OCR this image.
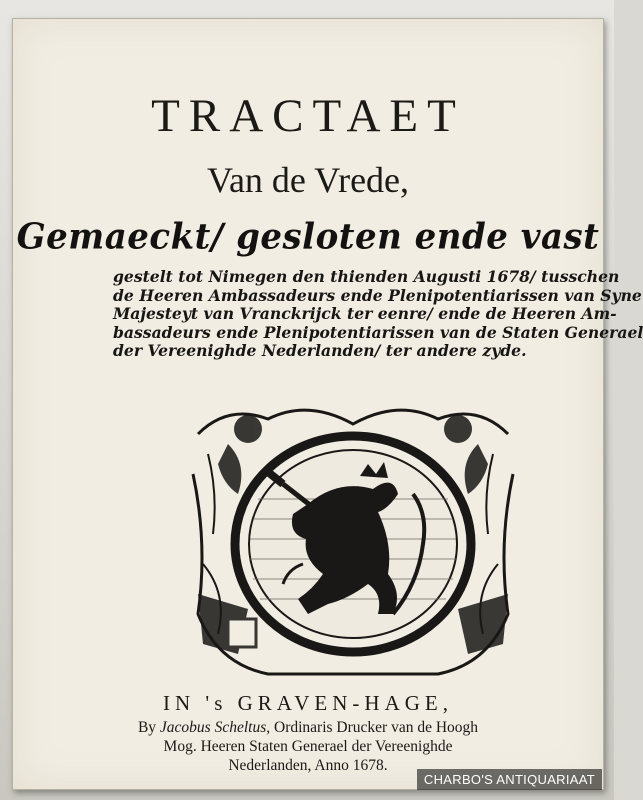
TRACTAET
Van de Vrede,
Gemaeckt/ gesloten ende vast
gestelt tot Nimegen den thienden Augusti 1678/ tusschen
de Heeren Ambassadeurs ende Plenipotentiarissen van Syne
Majesteyt van Vranckrijck ter eenre/ ende de Heeren Am-
bassadeurs ende Plenipotentiarissen van de Staten Generael
der Vereenighde Nederlanden/ ter andere zyde.
IN 's GRAVEN-HAGE,
By Jacobus Scheltus, Ordinaris Drucker van de Hoogh
Mog. Heeren Staten Generael der Vereenighde
Nederlanden, Anno 1678.
CHARBO'S ANTIQUARIAAT
